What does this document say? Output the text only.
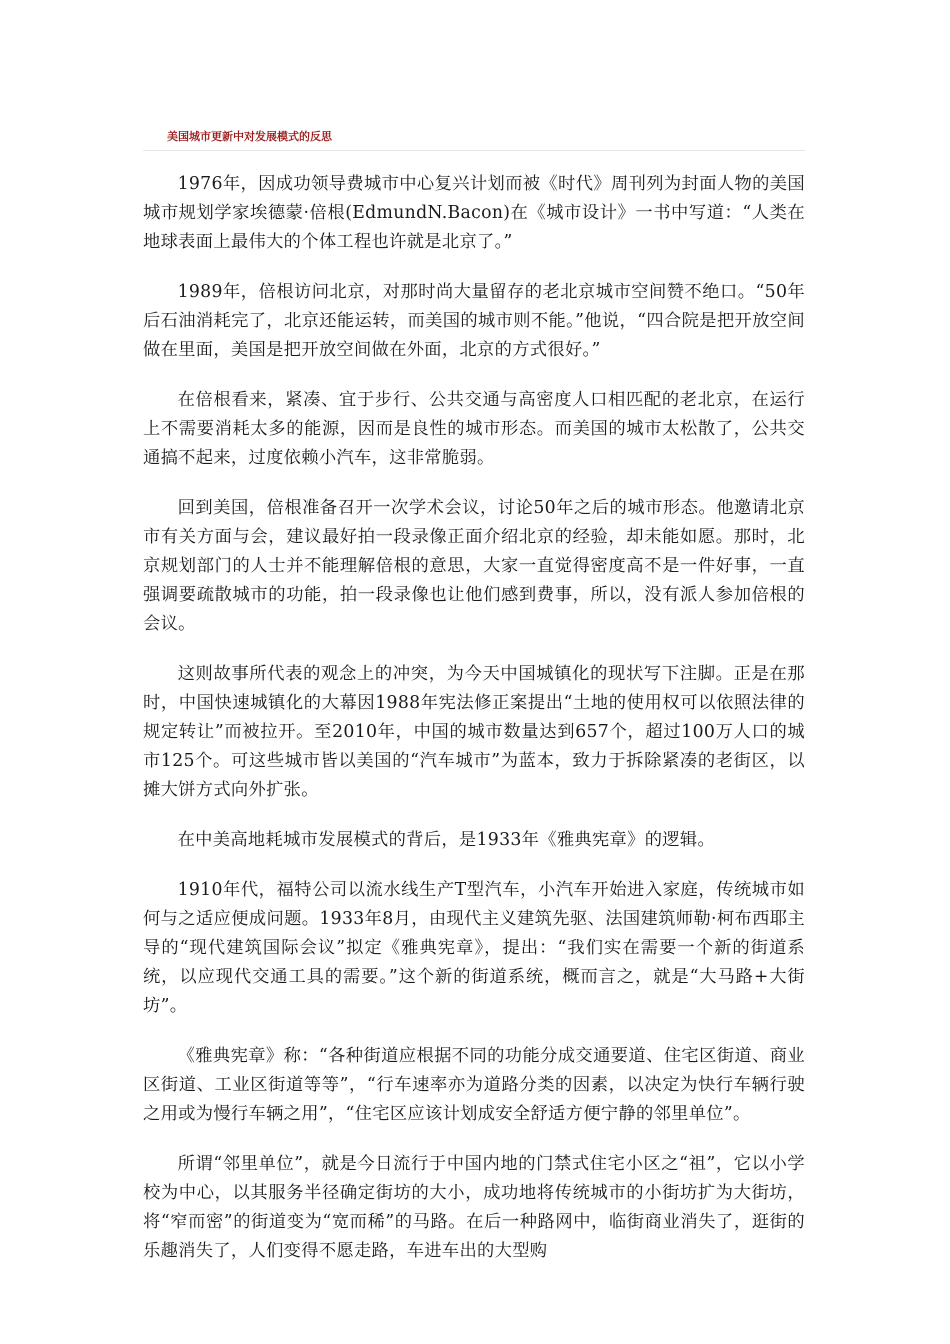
美国城市更新中对发展模式的反思

1976年，因成功领导费城市中心复兴计划而被《时代》周刊列为封面人物的美国城市规划学家埃德蒙·倍根(EdmundN.Bacon)在《城市设计》一书中写道：“人类在地球表面上最伟大的个体工程也许就是北京了。”

1989年，倍根访问北京，对那时尚大量留存的老北京城市空间赞不绝口。“50年后石油消耗完了，北京还能运转，而美国的城市则不能。”他说，“四合院是把开放空间做在里面，美国是把开放空间做在外面，北京的方式很好。”

在倍根看来，紧凑、宜于步行、公共交通与高密度人口相匹配的老北京，在运行上不需要消耗太多的能源，因而是良性的城市形态。而美国的城市太松散了，公共交通搞不起来，过度依赖小汽车，这非常脆弱。

回到美国，倍根准备召开一次学术会议，讨论50年之后的城市形态。他邀请北京市有关方面与会，建议最好拍一段录像正面介绍北京的经验，却未能如愿。那时，北京规划部门的人士并不能理解倍根的意思，大家一直觉得密度高不是一件好事，一直强调要疏散城市的功能，拍一段录像也让他们感到费事，所以，没有派人参加倍根的会议。

这则故事所代表的观念上的冲突，为今天中国城镇化的现状写下注脚。正是在那时，中国快速城镇化的大幕因1988年宪法修正案提出“土地的使用权可以依照法律的规定转让”而被拉开。至2010年，中国的城市数量达到657个，超过100万人口的城市125个。可这些城市皆以美国的“汽车城市”为蓝本，致力于拆除紧凑的老街区，以摊大饼方式向外扩张。

在中美高地耗城市发展模式的背后，是1933年《雅典宪章》的逻辑。

1910年代，福特公司以流水线生产T型汽车，小汽车开始进入家庭，传统城市如何与之适应便成问题。1933年8月，由现代主义建筑先驱、法国建筑师勒·柯布西耶主导的“现代建筑国际会议”拟定《雅典宪章》，提出：“我们实在需要一个新的街道系统，以应现代交通工具的需要。”这个新的街道系统，概而言之，就是“大马路+大街坊”。

《雅典宪章》称：“各种街道应根据不同的功能分成交通要道、住宅区街道、商业区街道、工业区街道等等”，“行车速率亦为道路分类的因素，以决定为快行车辆行驶之用或为慢行车辆之用”，“住宅区应该计划成安全舒适方便宁静的邻里单位”。

所谓“邻里单位”，就是今日流行于中国内地的门禁式住宅小区之“祖”，它以小学校为中心，以其服务半径确定街坊的大小，成功地将传统城市的小街坊扩为大街坊，将“窄而密”的街道变为“宽而稀”的马路。在后一种路网中，临街商业消失了，逛街的乐趣消失了，人们变得不愿走路，车进车出的大型购
